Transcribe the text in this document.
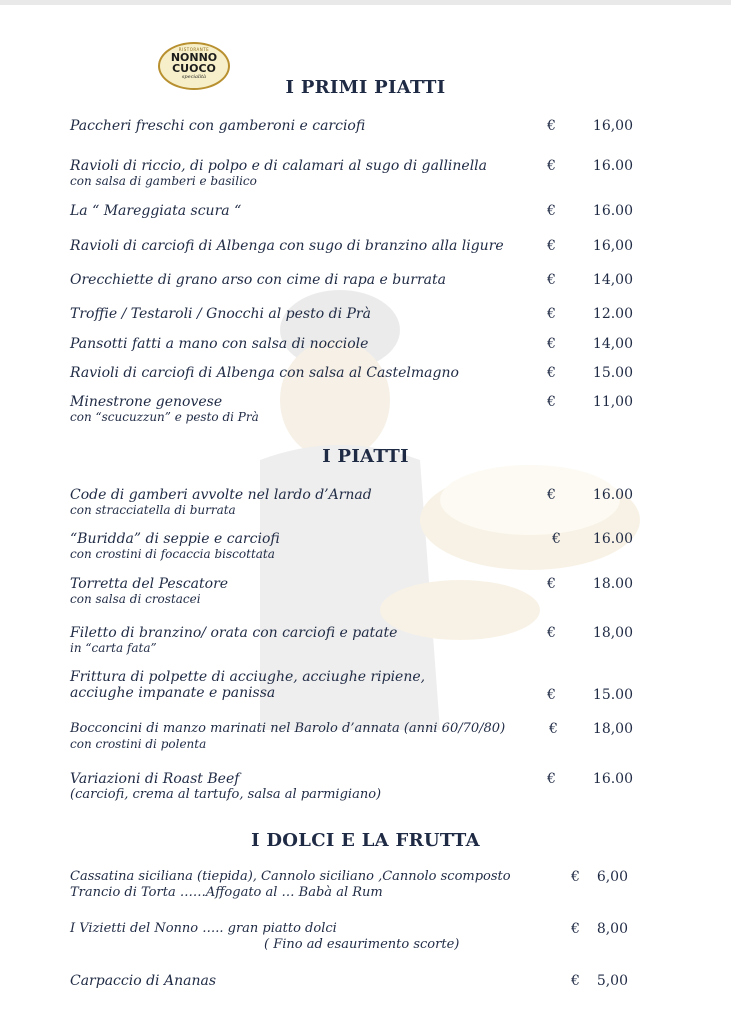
RISTORANTE
NONNO CUOCO
specialità	I PRIMI PIATTI
Paccheri freschi con gamberoni e carciofi	€	16,00
Ravioli di riccio, di polpo e di calamari al sugo di gallinella
con salsa di gamberi e basilico
€	16.00
La “ Mareggiata scura “	€	16.00
Ravioli di carciofi di Albenga con sugo di branzino alla ligure	€	16,00
Orecchiette di grano arso con cime di rapa e burrata	€	14,00
Troffie / Testaroli / Gnocchi al pesto di Prà	€	12.00
Pansotti fatti a mano con salsa di nocciole	€	14,00
Ravioli di carciofi di Albenga con salsa al Castelmagno	€	15.00
Minestrone genovese
con “scucuzzun” e pesto di Prà
€	11,00
I PIATTI
Code di gamberi avvolte nel lardo d’Arnad
con stracciatella di burrata
€	16.00
“Buridda” di seppie e carciofi
con crostini di focaccia biscottata
€	16.00
Torretta del Pescatore
con salsa di crostacei
€	18.00
Filetto di branzino/ orata con carciofi e patate
in “carta fata”
€	18,00
Frittura di polpette di acciughe, acciughe ripiene,
acciughe impanate e panissa	€	15.00
Bocconcini di manzo marinati nel Barolo d’annata (anni 60/70/80)
con crostini di polenta
€	18,00
Variazioni di Roast Beef
(carciofi, crema al tartufo, salsa al parmigiano)
€	16.00
I DOLCI E LA FRUTTA
Cassatina siciliana (tiepida), Cannolo siciliano ,Cannolo scomposto
Trancio di Torta ……Affogato al … Babà al Rum
€	6,00
I Vizietti del Nonno ….. gran piatto dolci
( Fino ad esaurimento scorte)
€	8,00
Carpaccio di Ananas	€	5,00
